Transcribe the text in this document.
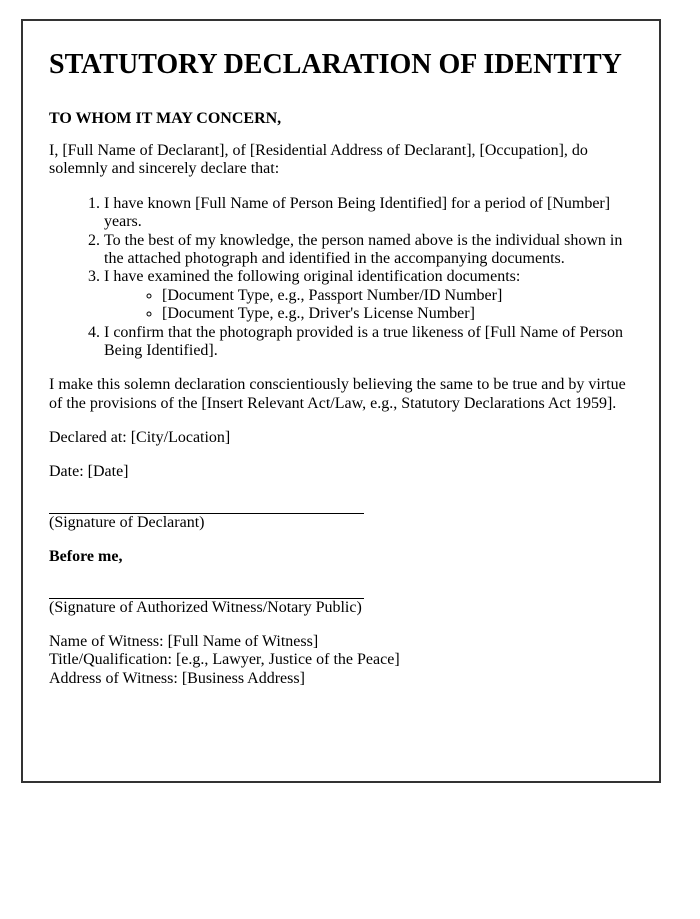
STATUTORY DECLARATION OF IDENTITY

TO WHOM IT MAY CONCERN,

I, [Full Name of Declarant], of [Residential Address of Declarant], [Occupation], do solemnly and sincerely declare that:

1. I have known [Full Name of Person Being Identified] for a period of [Number] years.
2. To the best of my knowledge, the person named above is the individual shown in the attached photograph and identified in the accompanying documents.
3. I have examined the following original identification documents:
◦ [Document Type, e.g., Passport Number/ID Number]
◦ [Document Type, e.g., Driver's License Number]
4. I confirm that the photograph provided is a true likeness of [Full Name of Person Being Identified].

I make this solemn declaration conscientiously believing the same to be true and by virtue of the provisions of the [Insert Relevant Act/Law, e.g., Statutory Declarations Act 1959].

Declared at: [City/Location]

Date: [Date]

(Signature of Declarant)

Before me,

(Signature of Authorized Witness/Notary Public)
Name of Witness: [Full Name of Witness]
Title/Qualification: [e.g., Lawyer, Justice of the Peace]
Address of Witness: [Business Address]
